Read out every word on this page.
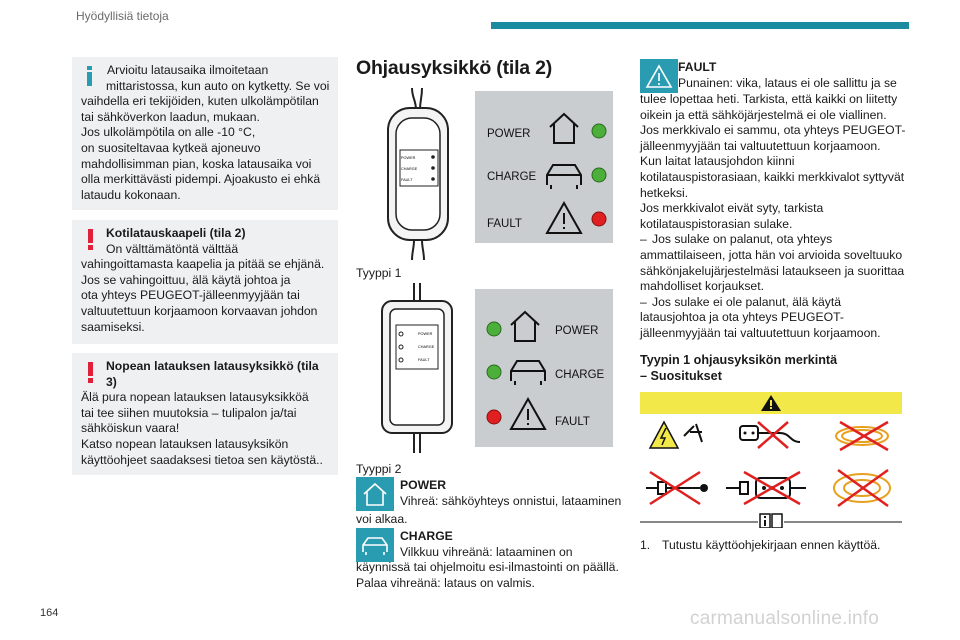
Hyödyllisiä tietoja

Arvioitu latausaika ilmoitetaan

mittaristossa, kun auto on kytketty. Se voi

vaihdella eri tekijöiden, kuten ulkolämpötilan

tai sähköverkon laadun, mukaan.

Jos ulkolämpötila on alle -10 °C,

on suositeltavaa kytkeä ajoneuvo

mahdollisimman pian, koska latausaika voi

olla merkittävästi pidempi. Ajoakusto ei ehkä

lataudu kokonaan.

Kotilatauskaapeli (tila 2)

On välttämätöntä välttää

vahingoittamasta kaapelia ja pitää se ehjänä.

Jos se vahingoittuu, älä käytä johtoa ja

ota yhteys PEUGEOT-jälleenmyyjään tai

valtuutettuun korjaamoon korvaavan johdon

saamiseksi.

Nopean latauksen latausyksikkö (tila

3)

Älä pura nopean latauksen latausyksikköä

tai tee siihen muutoksia – tulipalon ja/tai

sähköiskun vaara!

Katso nopean latauksen latausyksikön

käyttöohjeet saadaksesi tietoa sen käytöstä..

Ohjausyksikkö (tila 2)
POWER
CHARGE
FAULT
POWER
CHARGE
FAULT
Tyyppi 1
POWER
CHARGE
FAULT
POWER
CHARGE
FAULT
Tyyppi 2

POWER

Vihreä: sähköyhteys onnistui, lataaminen

voi alkaa.

CHARGE

Vilkkuu vihreänä: lataaminen on

käynnissä tai ohjelmoitu esi-ilmastointi on päällä.

Palaa vihreänä: lataus on valmis.

FAULT

Punainen: vika, lataus ei ole sallittu ja se

tulee lopettaa heti. Tarkista, että kaikki on liitetty

oikein ja että sähköjärjestelmä ei ole viallinen.

Jos merkkivalo ei sammu, ota yhteys PEUGEOT-

jälleenmyyjään tai valtuutettuun korjaamoon.

Kun laitat latausjohdon kiinni

kotilatauspistorasiaan, kaikki merkkivalot syttyvät

hetkeksi.

Jos merkkivalot eivät syty, tarkista

kotilatauspistorasian sulake.

– Jos sulake on palanut, ota yhteys

ammattilaiseen, jotta hän voi arvioida soveltuuko

sähkönjakelujärjestelmäsi lataukseen ja suorittaa

mahdolliset korjaukset.

– Jos sulake ei ole palanut, älä käytä

latausjohtoa ja ota yhteys PEUGEOT-

jälleenmyyjään tai valtuutettuun korjaamoon.

Tyypin 1 ohjausyksikön merkintä

– Suositukset

1. Tutustu käyttöohjekirjaan ennen käyttöä.

164	carmanualsonline.info
